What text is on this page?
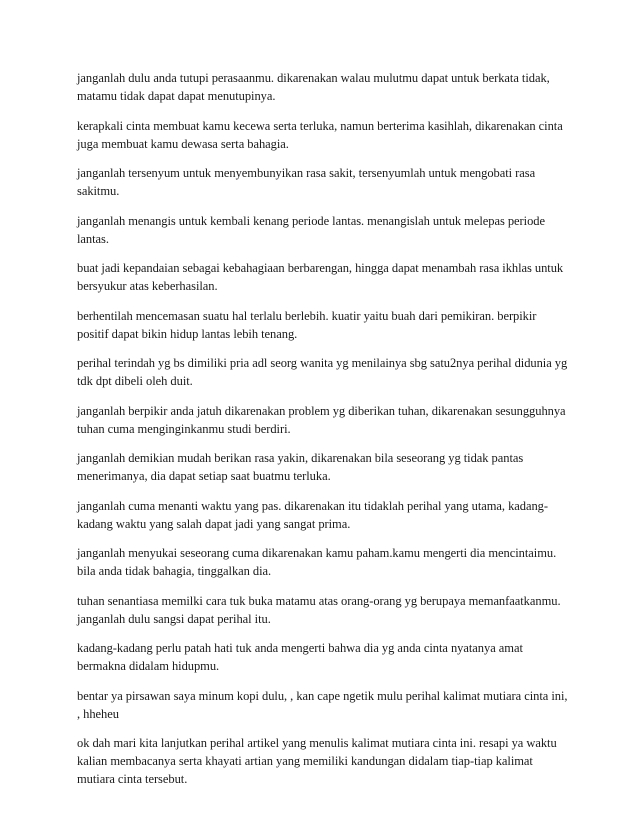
janganlah dulu anda tutupi perasaanmu. dikarenakan walau mulutmu dapat untuk berkata tidak, matamu tidak dapat dapat menutupinya.

kerapkali cinta membuat kamu kecewa serta terluka, namun berterima kasihlah, dikarenakan cinta juga membuat kamu dewasa serta bahagia.

janganlah tersenyum untuk menyembunyikan rasa sakit, tersenyumlah untuk mengobati rasa sakitmu.

janganlah menangis untuk kembali kenang periode lantas. menangislah untuk melepas periode lantas.

buat jadi kepandaian sebagai kebahagiaan berbarengan, hingga dapat menambah rasa ikhlas untuk bersyukur atas keberhasilan.

berhentilah mencemasan suatu hal terlalu berlebih. kuatir yaitu buah dari pemikiran. berpikir positif dapat bikin hidup lantas lebih tenang.

perihal terindah yg bs dimiliki pria adl seorg wanita yg menilainya sbg satu2nya perihal didunia yg tdk dpt dibeli oleh duit.

janganlah berpikir anda jatuh dikarenakan problem yg diberikan tuhan, dikarenakan sesungguhnya tuhan cuma menginginkanmu studi berdiri.

janganlah demikian mudah berikan rasa yakin, dikarenakan bila seseorang yg tidak pantas menerimanya, dia dapat setiap saat buatmu terluka.

janganlah cuma menanti waktu yang pas. dikarenakan itu tidaklah perihal yang utama, kadang-kadang waktu yang salah dapat jadi yang sangat prima.

janganlah menyukai seseorang cuma dikarenakan kamu paham.kamu mengerti dia mencintaimu. bila anda tidak bahagia, tinggalkan dia.

tuhan senantiasa memilki cara tuk buka matamu atas orang-orang yg berupaya memanfaatkanmu. janganlah dulu sangsi dapat perihal itu.

kadang-kadang perlu patah hati tuk anda mengerti bahwa dia yg anda cinta nyatanya amat bermakna didalam hidupmu.

bentar ya pirsawan saya minum kopi dulu, , kan cape ngetik mulu perihal kalimat mutiara cinta ini, , hheheu

ok dah mari kita lanjutkan perihal artikel yang menulis kalimat mutiara cinta ini. resapi ya waktu kalian membacanya serta khayati artian yang memiliki kandungan didalam tiap-tiap kalimat mutiara cinta tersebut.
